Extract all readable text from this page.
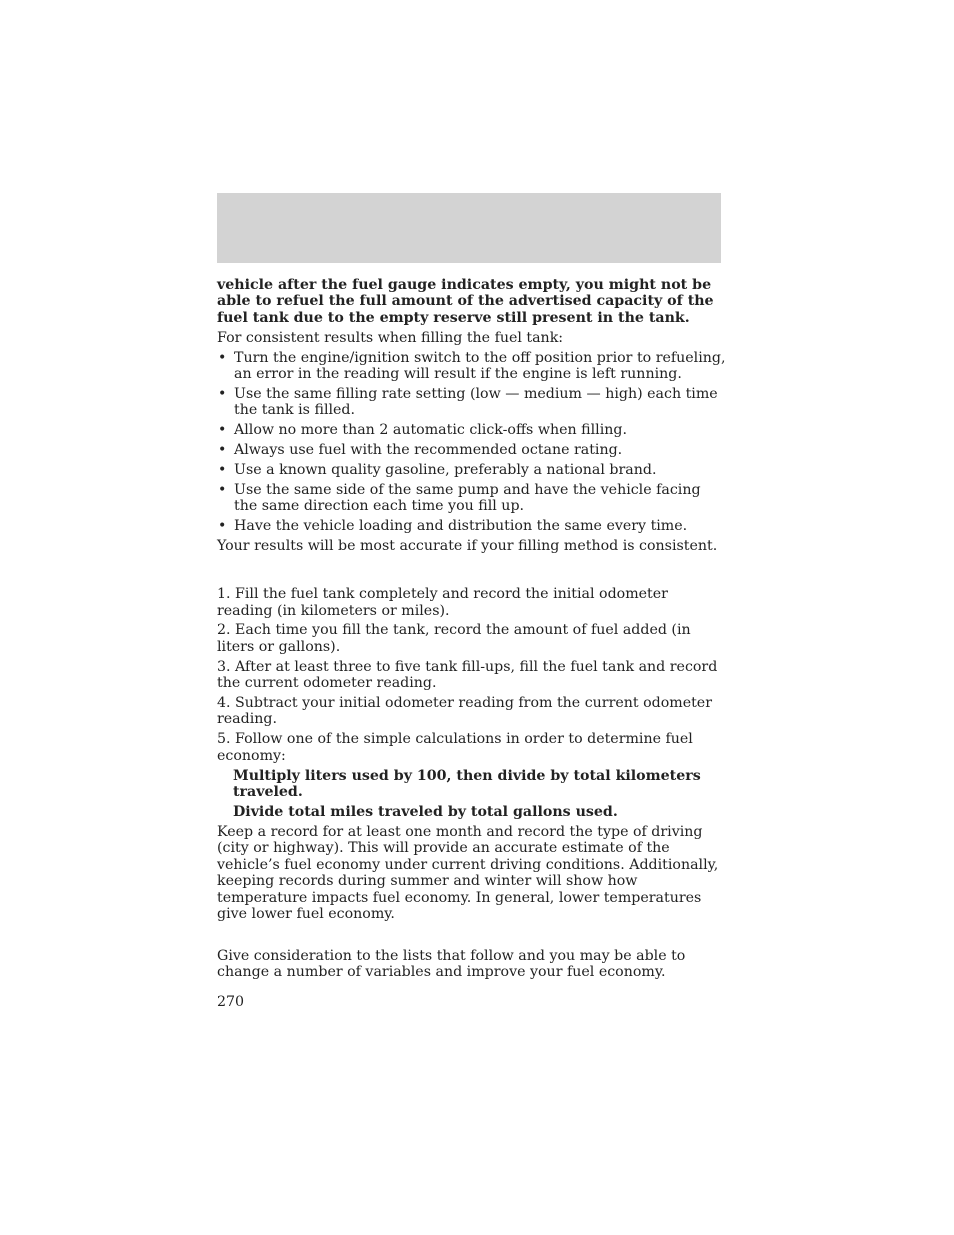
vehicle after the fuel gauge indicates empty, you might not be able to refuel the full amount of the advertised capacity of the fuel tank due to the empty reserve still present in the tank.

For consistent results when filling the fuel tank:

• Turn the engine/ignition switch to the off position prior to refueling, an error in the reading will result if the engine is left running.
• Use the same filling rate setting (low — medium — high) each time the tank is filled.
• Allow no more than 2 automatic click-offs when filling.
• Always use fuel with the recommended octane rating.
• Use a known quality gasoline, preferably a national brand.
• Use the same side of the same pump and have the vehicle facing the same direction each time you fill up.
• Have the vehicle loading and distribution the same every time.

Your results will be most accurate if your filling method is consistent.

1. Fill the fuel tank completely and record the initial odometer reading (in kilometers or miles).

2. Each time you fill the tank, record the amount of fuel added (in liters or gallons).

3. After at least three to five tank fill-ups, fill the fuel tank and record the current odometer reading.

4. Subtract your initial odometer reading from the current odometer reading.

5. Follow one of the simple calculations in order to determine fuel economy:

Multiply liters used by 100, then divide by total kilometers traveled.

Divide total miles traveled by total gallons used.

Keep a record for at least one month and record the type of driving (city or highway). This will provide an accurate estimate of the vehicle’s fuel economy under current driving conditions. Additionally, keeping records during summer and winter will show how temperature impacts fuel economy. In general, lower temperatures give lower fuel economy.

Give consideration to the lists that follow and you may be able to change a number of variables and improve your fuel economy.

270
